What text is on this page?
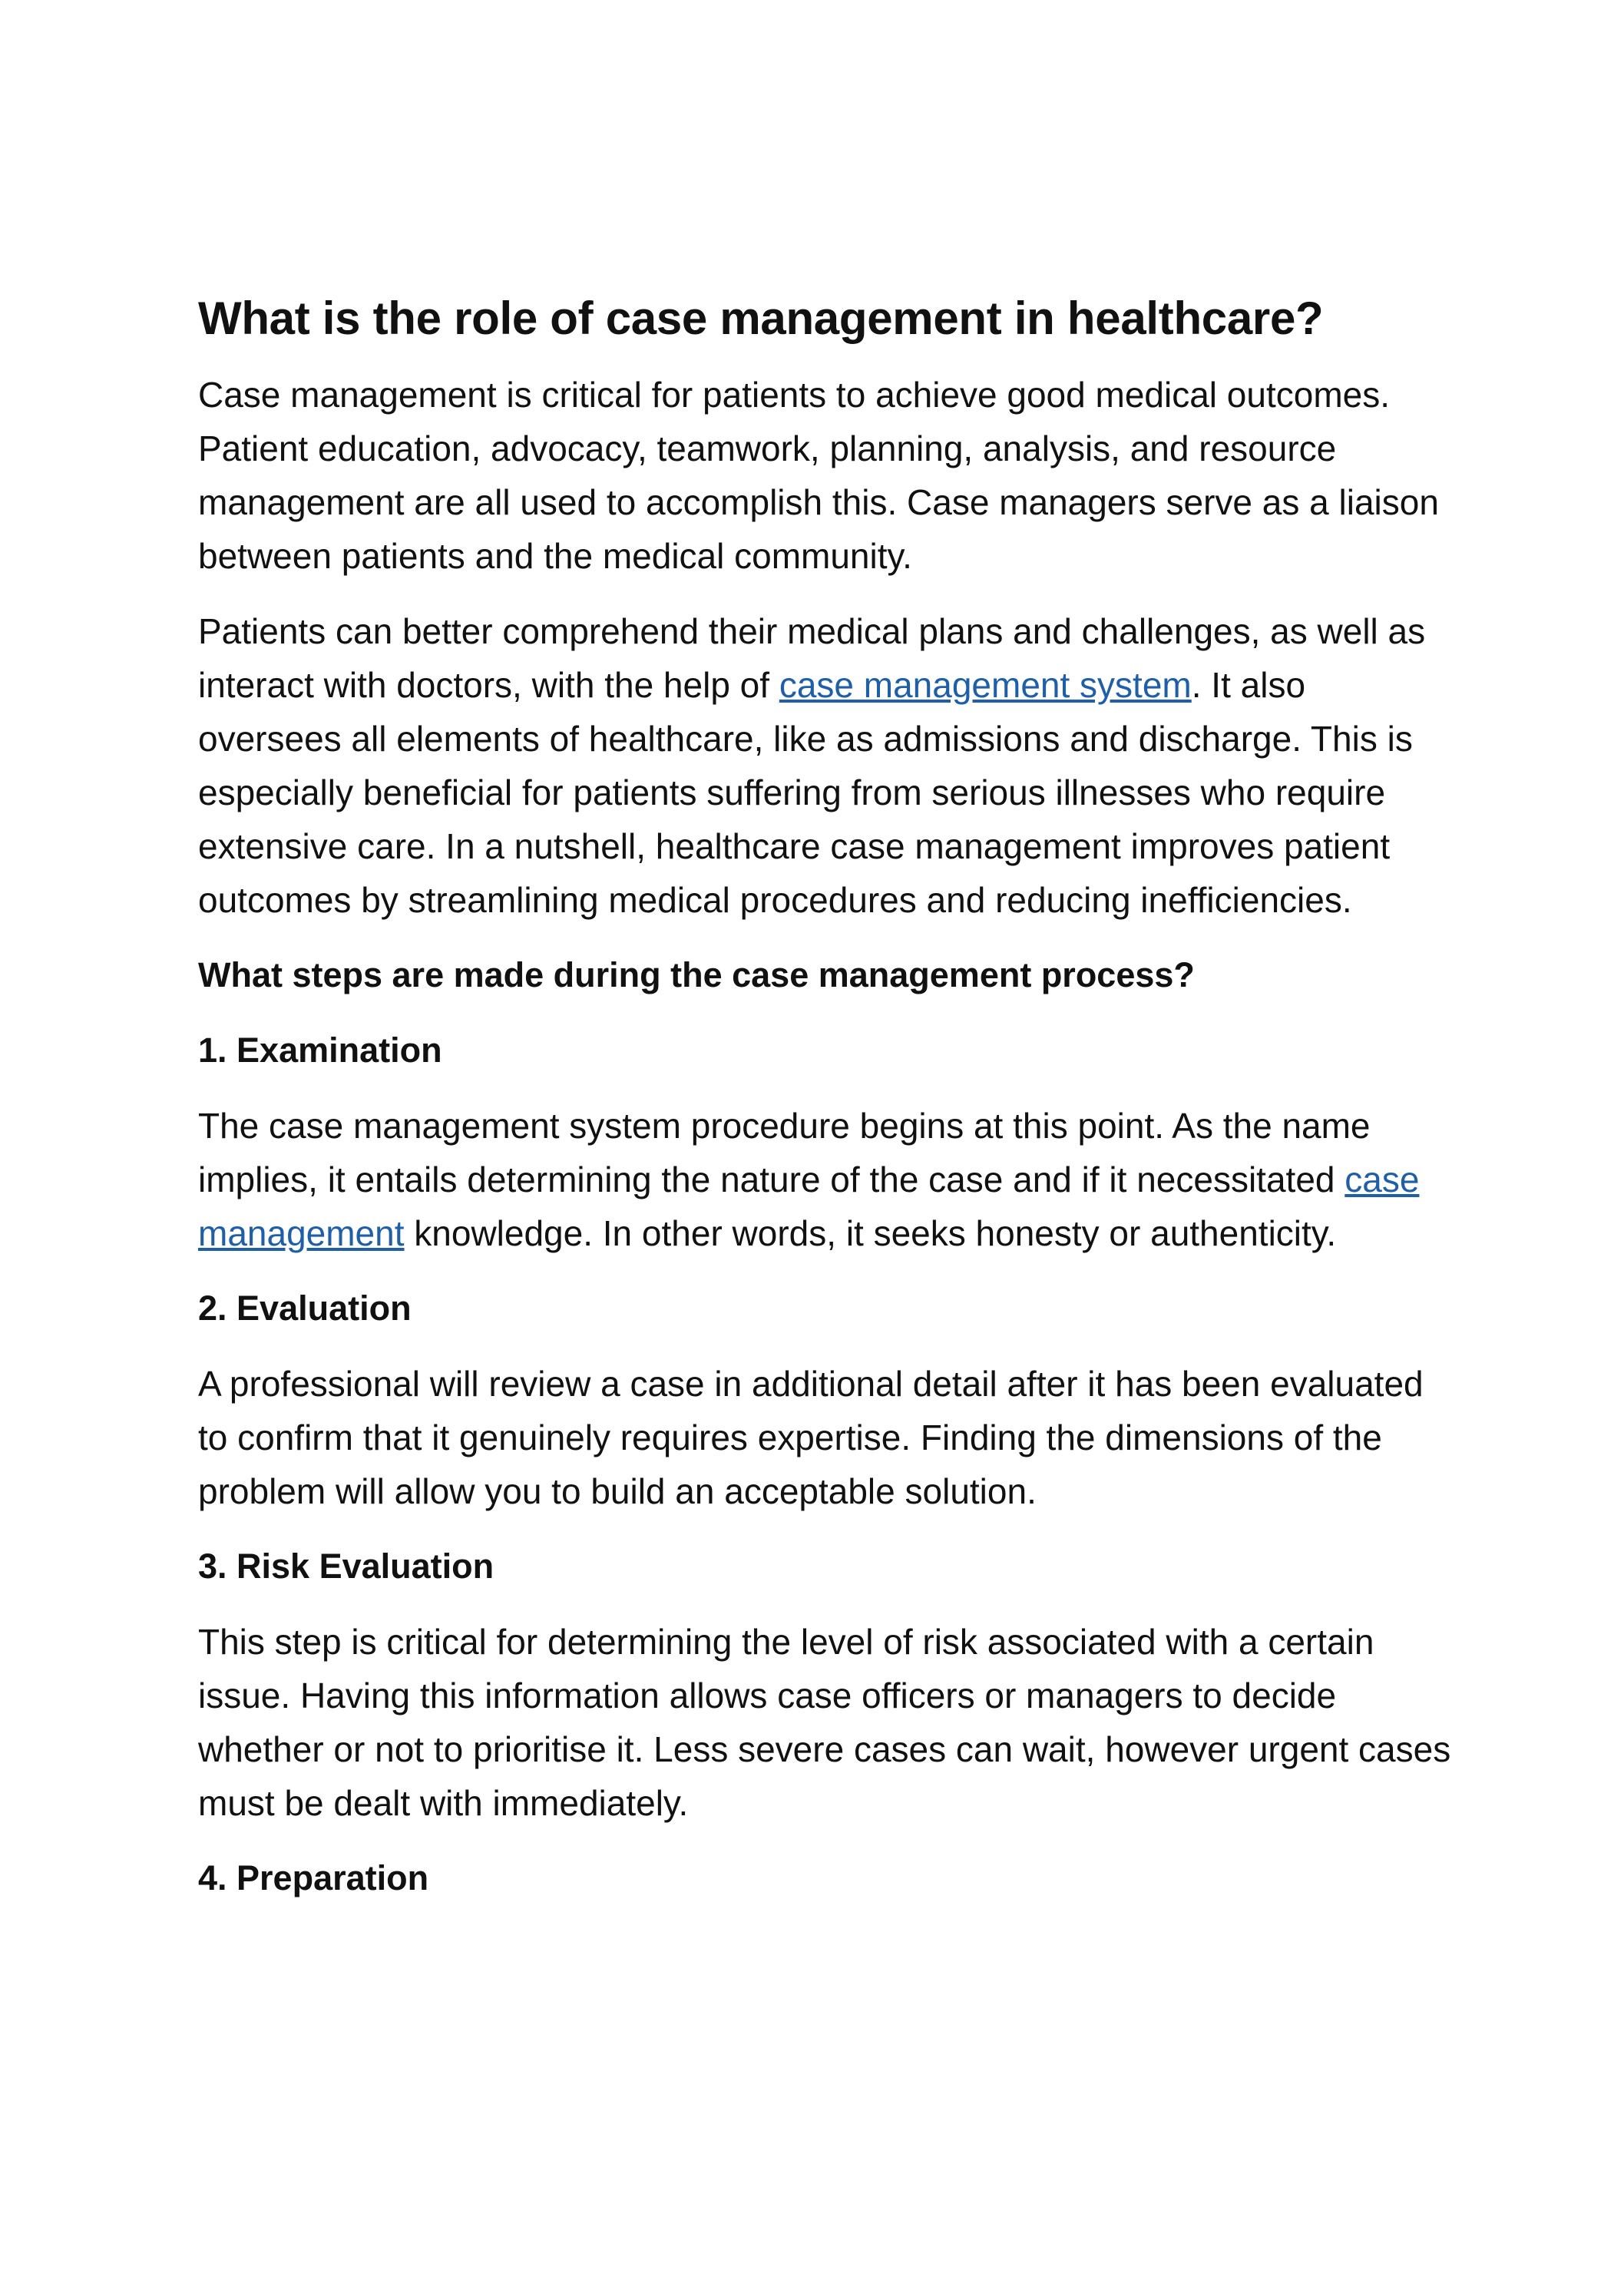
What is the role of case management in healthcare?

Case management is critical for patients to achieve good medical outcomes. Patient education, advocacy, teamwork, planning, analysis, and resource management are all used to accomplish this. Case managers serve as a liaison between patients and the medical community.

Patients can better comprehend their medical plans and challenges, as well as interact with doctors, with the help of case management system. It also oversees all elements of healthcare, like as admissions and discharge. This is especially beneficial for patients suffering from serious illnesses who require extensive care. In a nutshell, healthcare case management improves patient outcomes by streamlining medical procedures and reducing inefficiencies.

What steps are made during the case management process?

1. Examination

The case management system procedure begins at this point. As the name implies, it entails determining the nature of the case and if it necessitated case management knowledge. In other words, it seeks honesty or authenticity.

2. Evaluation

A professional will review a case in additional detail after it has been evaluated to confirm that it genuinely requires expertise. Finding the dimensions of the problem will allow you to build an acceptable solution.

3. Risk Evaluation

This step is critical for determining the level of risk associated with a certain issue. Having this information allows case officers or managers to decide whether or not to prioritise it. Less severe cases can wait, however urgent cases must be dealt with immediately.

4. Preparation
